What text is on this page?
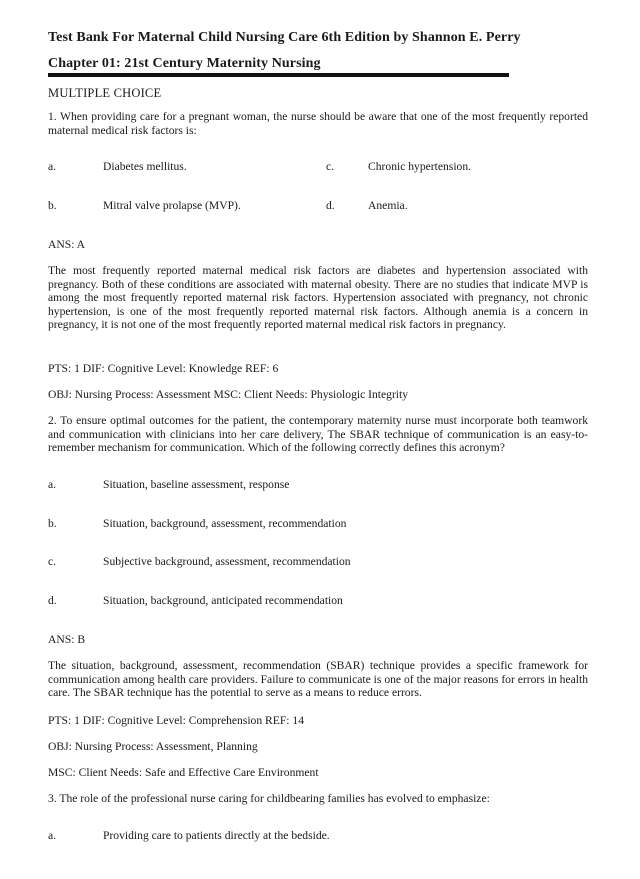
Test Bank For Maternal Child Nursing Care 6th Edition by Shannon E. Perry
Chapter 01: 21st Century Maternity Nursing
MULTIPLE CHOICE
1. When providing care for a pregnant woman, the nurse should be aware that one of the most frequently reported maternal medical risk factors is:
a.	Diabetes mellitus.	c.	Chronic hypertension.
b.	Mitral valve prolapse (MVP).	d.	Anemia.
ANS: A
The most frequently reported maternal medical risk factors are diabetes and hypertension associated with pregnancy. Both of these conditions are associated with maternal obesity. There are no studies that indicate MVP is among the most frequently reported maternal risk factors. Hypertension associated with pregnancy, not chronic hypertension, is one of the most frequently reported maternal risk factors. Although anemia is a concern in pregnancy, it is not one of the most frequently reported maternal medical risk factors in pregnancy.
PTS: 1 DIF: Cognitive Level: Knowledge REF: 6
OBJ: Nursing Process: Assessment MSC: Client Needs: Physiologic Integrity
2. To ensure optimal outcomes for the patient, the contemporary maternity nurse must incorporate both teamwork and communication with clinicians into her care delivery, The SBAR technique of communication is an easy-to-remember mechanism for communication. Which of the following correctly defines this acronym?
a.	Situation, baseline assessment, response
b.	Situation, background, assessment, recommendation
c.	Subjective background, assessment, recommendation
d.	Situation, background, anticipated recommendation
ANS: B
The situation, background, assessment, recommendation (SBAR) technique provides a specific framework for communication among health care providers. Failure to communicate is one of the major reasons for errors in health care. The SBAR technique has the potential to serve as a means to reduce errors.
PTS: 1 DIF: Cognitive Level: Comprehension REF: 14
OBJ: Nursing Process: Assessment, Planning
MSC: Client Needs: Safe and Effective Care Environment
3. The role of the professional nurse caring for childbearing families has evolved to emphasize:
a.	Providing care to patients directly at the bedside.
